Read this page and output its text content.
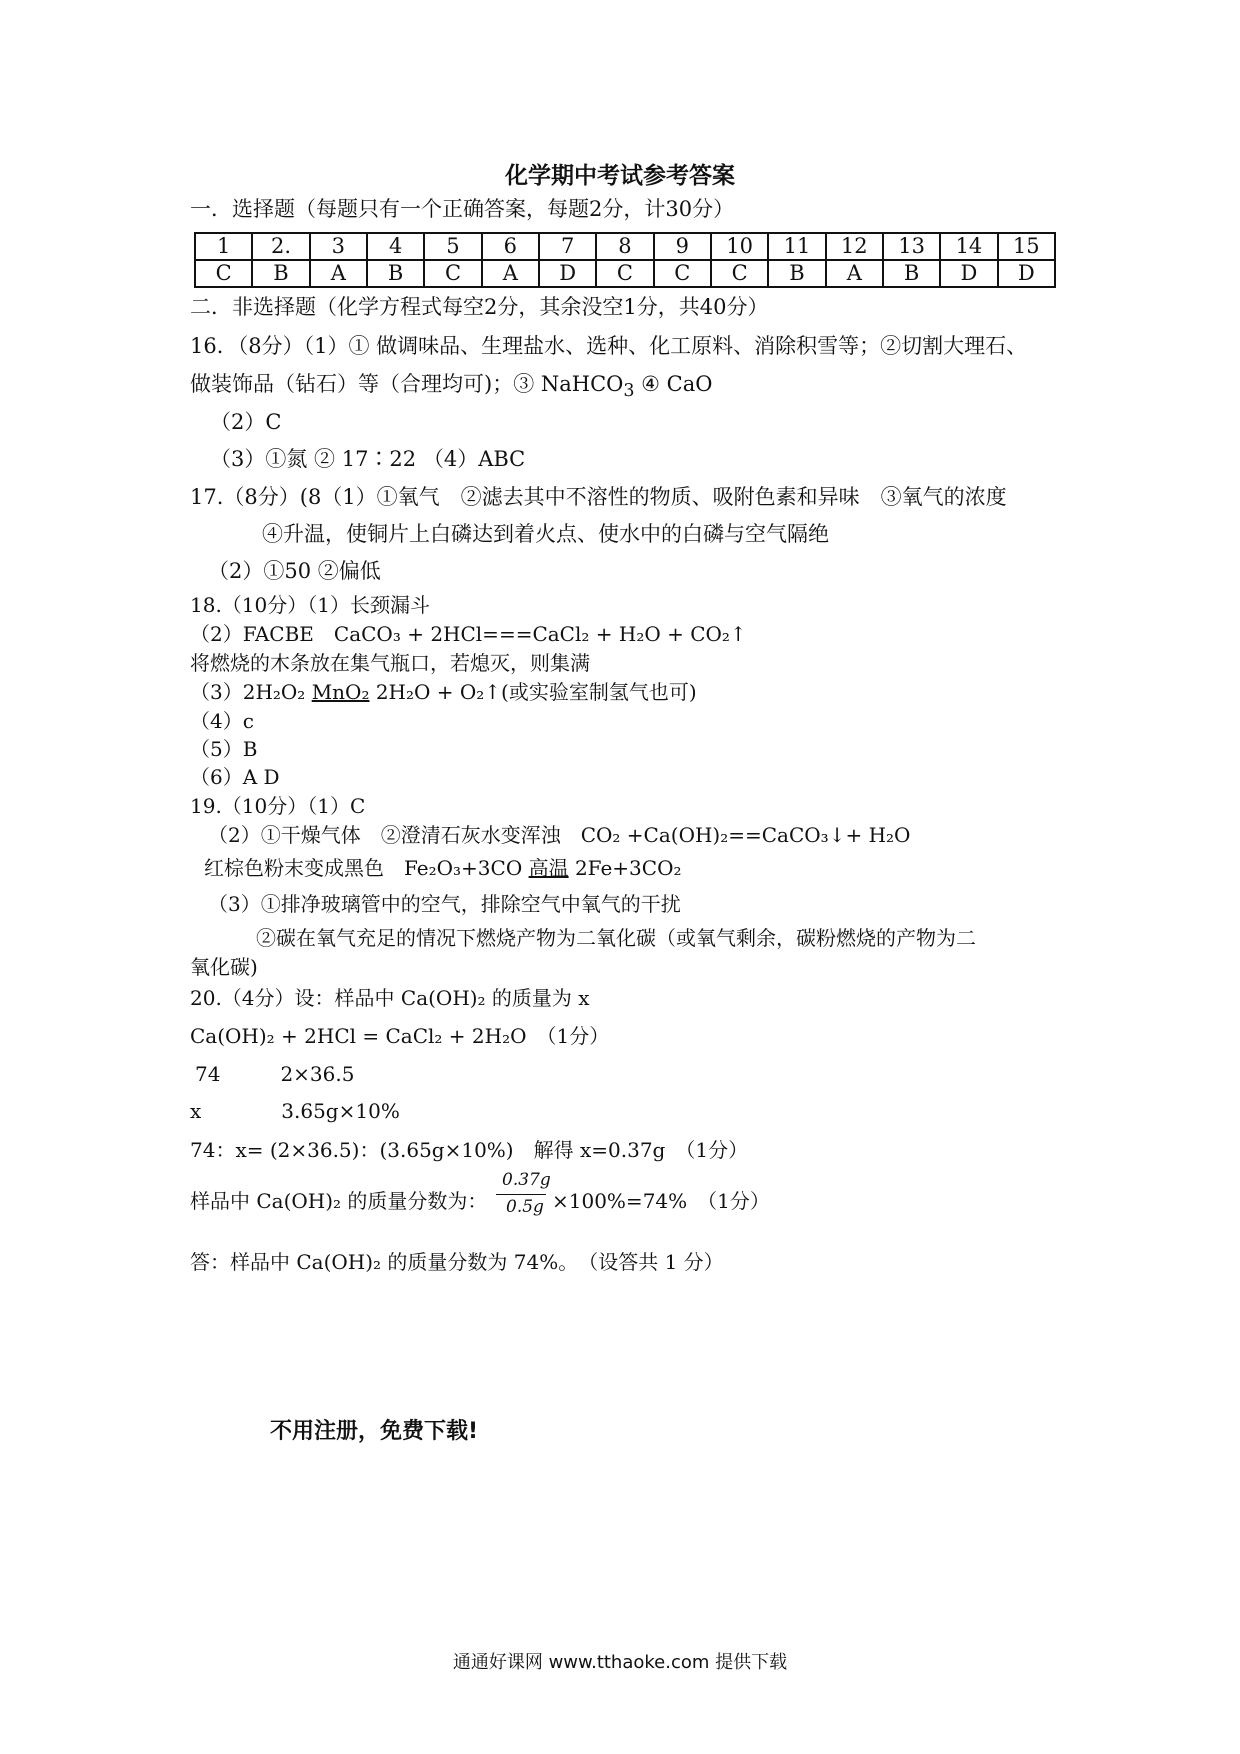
化学期中考试参考答案
一．选择题（每题只有一个正确答案，每题2分，计30分）
1	2.	3	4	5	6	7	8	9	10	11	12	13	14	15
C	B	A	B	C	A	D	C	C	C	B	A	B	D	D
二．非选择题（化学方程式每空2分，其余没空1分，共40分）
16．（8分）（1）① 做调味品、生理盐水、选种、化工原料、消除积雪等；②切割大理石、
做装饰品（钻石）等（合理均可)；③ NaHCO$_3$ ④ CaO
（2）C
（3）①氮 ② 17∶22 （4）ABC
17.（8分）(8（1）①氧气　②滤去其中不溶性的物质、吸附色素和异味　③氧气的浓度
④升温，使铜片上白磷达到着火点、使水中的白磷与空气隔绝
（2）①50 ②偏低
18.（10分）（1）长颈漏斗
（2）FACBE　CaCO₃ + 2HCl===CaCl₂ + H₂O + CO₂↑
将燃烧的木条放在集气瓶口，若熄灭，则集满
（3）2H₂O₂ MnO₂ 2H₂O + O₂↑(或实验室制氢气也可)
（4）c
（5）B
（6）A D
19.（10分）（1）C
（2）①干燥气体　②澄清石灰水变浑浊　CO₂ +Ca(OH)₂==CaCO₃↓+ H₂O
红棕色粉末变成黑色　Fe₂O₃+3CO 高温 2Fe+3CO₂
（3）①排净玻璃管中的空气，排除空气中氧气的干扰
②碳在氧气充足的情况下燃烧产物为二氧化碳（或氧气剩余，碳粉燃烧的产物为二
氧化碳)
20.（4分）设：样品中 Ca(OH)₂ 的质量为 x
Ca(OH)₂ + 2HCl = CaCl₂ + 2H₂O　（1分）
74　　　2×36.5
x　　　　3.65g×10%
74：x= (2×36.5)：(3.65g×10%)　解得 x=0.37g　（1分）
样品中 Ca(OH)₂ 的质量分数为：
0.37g
0.5g ×100%=74%　（1分）
答：样品中 Ca(OH)₂ 的质量分数为 74%。　（设答共 1 分）
不用注册，免费下载!
通通好课网 www.tthaoke.com 提供下载
